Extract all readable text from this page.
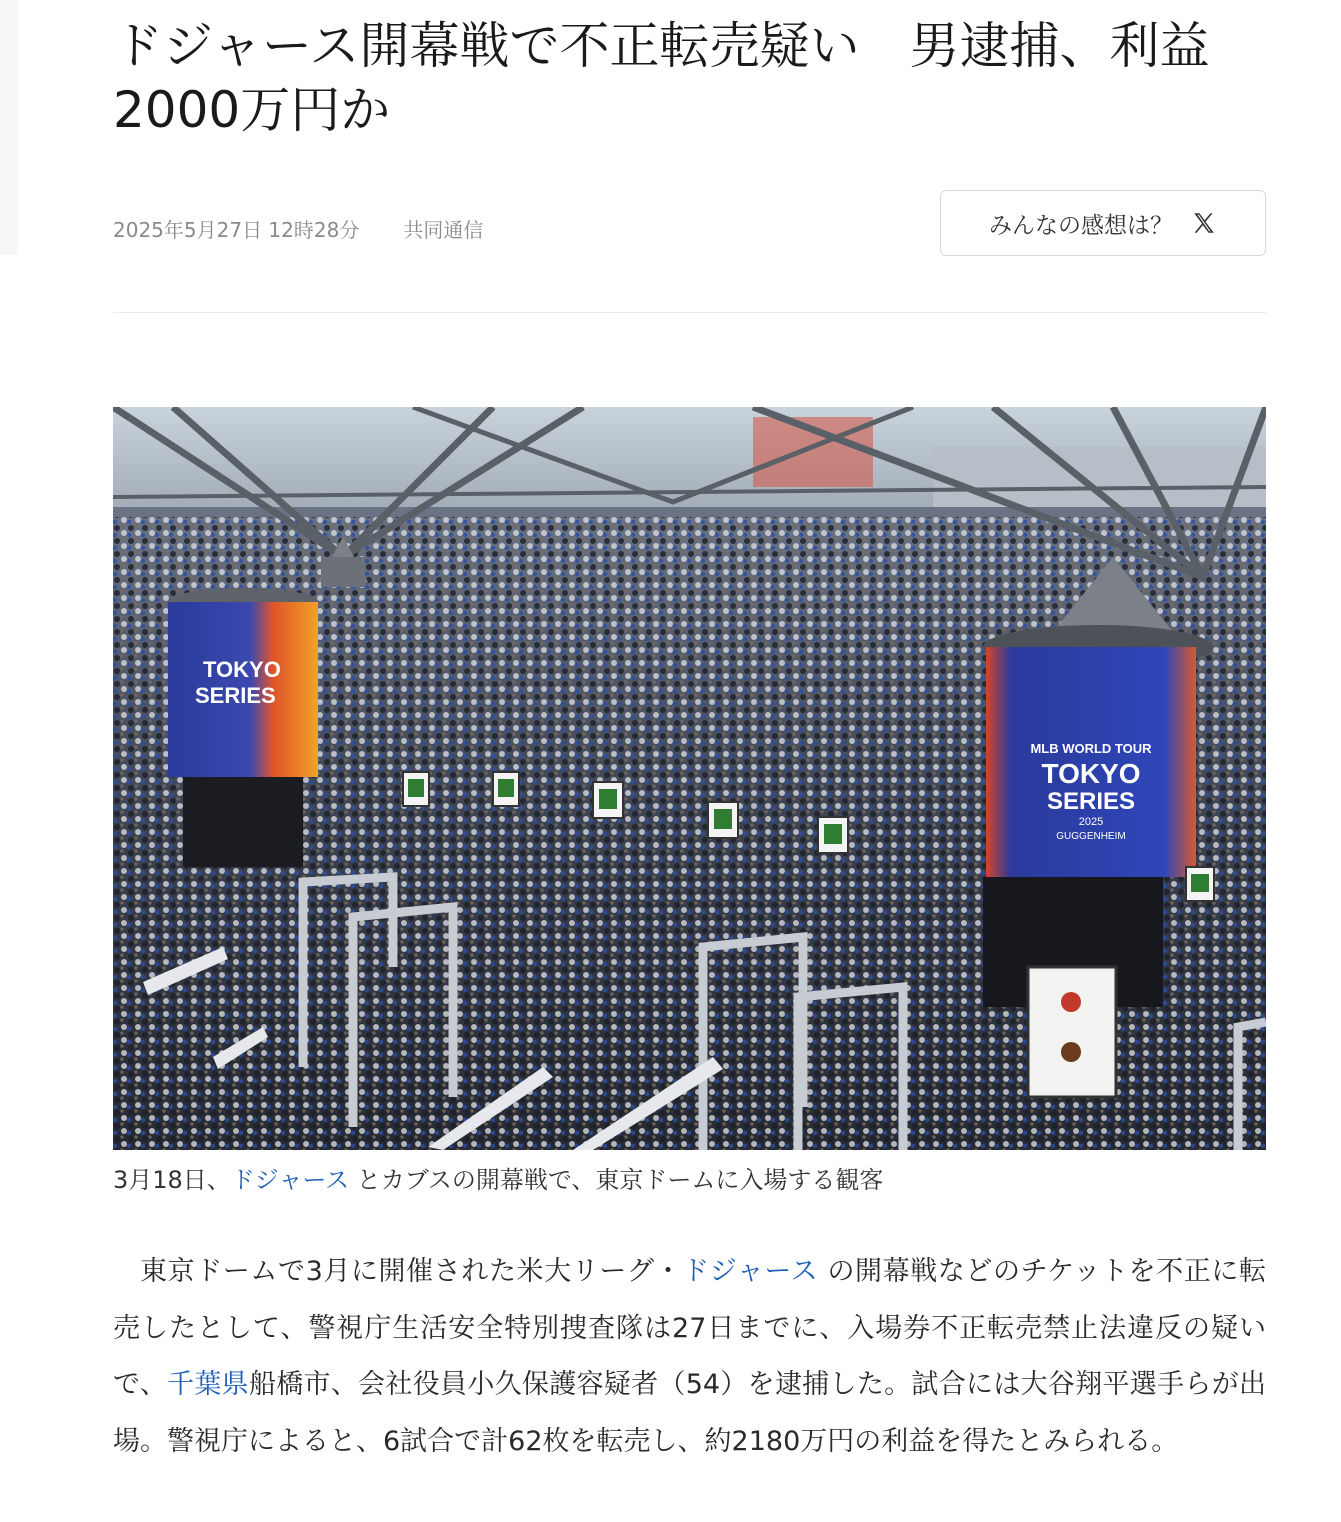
ドジャース開幕戦で不正転売疑い　男逮捕、利益
2000万円か
2025年5月27日 12時28分 共同通信	みんなの感想は？
TOKYO
SERIES
MLB WORLD TOUR
TOKYO
SERIES
2025
GUGGENHEIM

3月18日、ドジャース とカブスの開幕戦で、東京ドームに入場する観客

東京ドームで3月に開催された米大リーグ・ドジャース の開幕戦などのチケットを不正に転売したとして、警視庁生活安全特別捜査隊は27日までに、入場券不正転売禁止法違反の疑いで、千葉県船橋市、会社役員小久保護容疑者（54）を逮捕した。試合には大谷翔平選手らが出場。警視庁によると、6試合で計62枚を転売し、約2180万円の利益を得たとみられる。
